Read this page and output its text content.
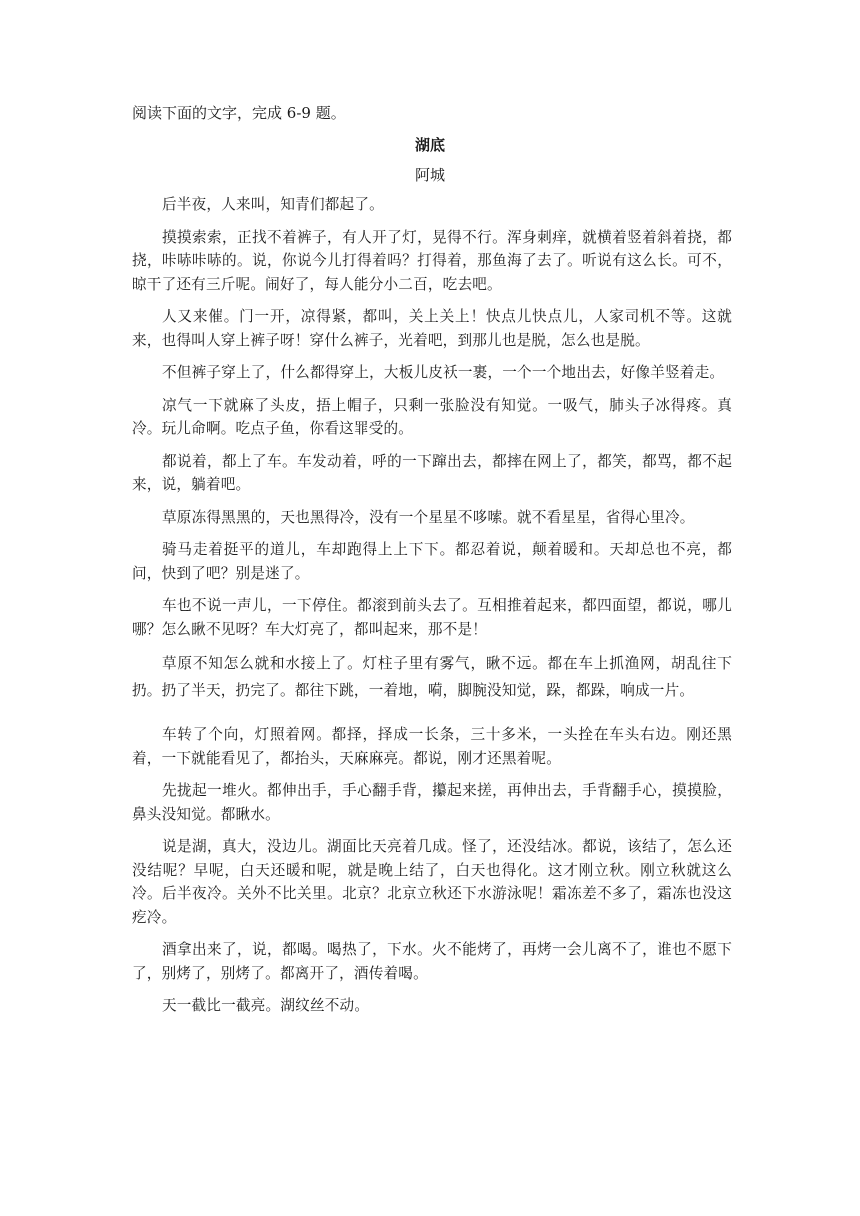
阅读下面的文字，完成 6-9 题。
湖底
阿城

后半夜，人来叫，知青们都起了。

摸摸索索，正找不着裤子，有人开了灯，晃得不行。浑身刺痒，就横着竖着斜着挠，都挠，咔哧咔哧的。说，你说今儿打得着吗？打得着，那鱼海了去了。听说有这么长。可不，晾干了还有三斤呢。闹好了，每人能分小二百，吃去吧。

人又来催。门一开，凉得紧，都叫，关上关上！快点儿快点儿，人家司机不等。这就来，也得叫人穿上裤子呀！穿什么裤子，光着吧，到那儿也是脱，怎么也是脱。

不但裤子穿上了，什么都得穿上，大板儿皮袄一裹，一个一个地出去，好像羊竖着走。

凉气一下就麻了头皮，捂上帽子，只剩一张脸没有知觉。一吸气，肺头子冰得疼。真冷。玩儿命啊。吃点子鱼，你看这罪受的。

都说着，都上了车。车发动着，呼的一下蹿出去，都摔在网上了，都笑，都骂，都不起来，说，躺着吧。

草原冻得黑黑的，天也黑得冷，没有一个星星不哆嗦。就不看星星，省得心里冷。

骑马走着挺平的道儿，车却跑得上上下下。都忍着说，颠着暖和。天却总也不亮，都问，快到了吧？别是迷了。

车也不说一声儿，一下停住。都滚到前头去了。互相推着起来，都四面望，都说，哪儿哪？怎么瞅不见呀？车大灯亮了，都叫起来，那不是！

草原不知怎么就和水接上了。灯柱子里有雾气，瞅不远。都在车上抓渔网，胡乱往下扔。扔了半天，扔完了。都往下跳，一着地，嗬，脚腕没知觉，跺，都跺，响成一片。

车转了个向，灯照着网。都择，择成一长条，三十多米，一头拴在车头右边。刚还黑着，一下就能看见了，都抬头，天麻麻亮。都说，刚才还黑着呢。

先拢起一堆火。都伸出手，手心翻手背，攥起来搓，再伸出去，手背翻手心，摸摸脸，鼻头没知觉。都瞅水。

说是湖，真大，没边儿。湖面比天亮着几成。怪了，还没结冰。都说，该结了，怎么还没结呢？早呢，白天还暖和呢，就是晚上结了，白天也得化。这才刚立秋。刚立秋就这么冷。后半夜冷。关外不比关里。北京？北京立秋还下水游泳呢！霜冻差不多了，霜冻也没这疙冷。

酒拿出来了，说，都喝。喝热了，下水。火不能烤了，再烤一会儿离不了，谁也不愿下了，别烤了，别烤了。都离开了，酒传着喝。

天一截比一截亮。湖纹丝不动。
